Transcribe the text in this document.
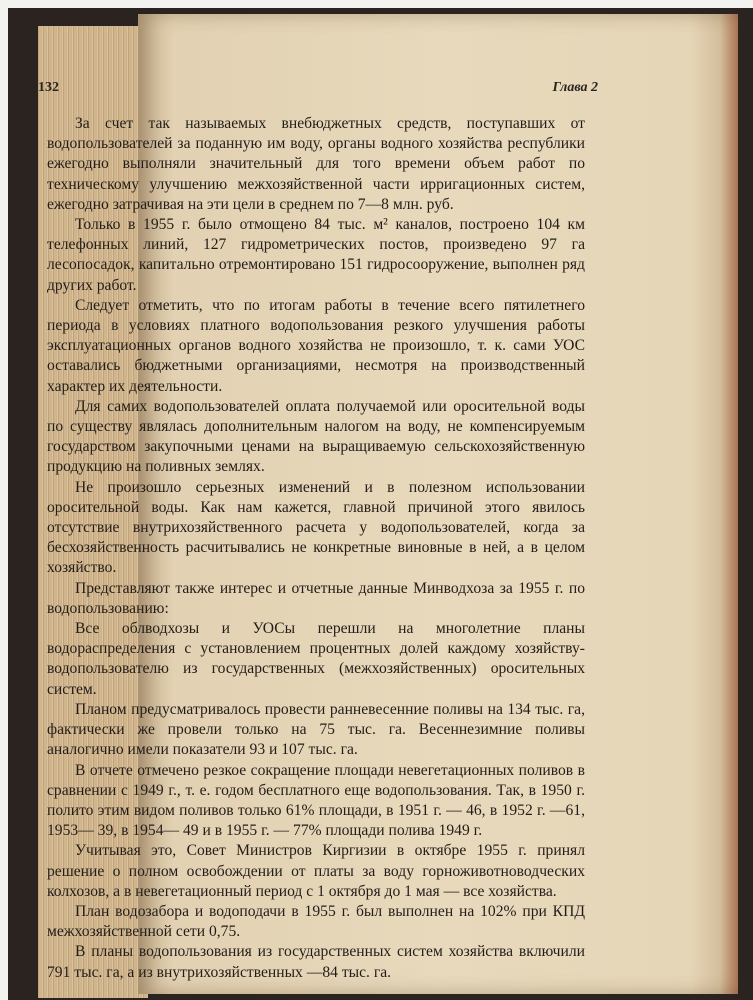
132	Глава 2

За счет так называемых внебюджетных средств, поступавших от водопользователей за поданную им воду, органы водного хозяйства республики ежегодно выполняли значительный для того времени объем работ по техническому улучшению межхозяйственной части ирригационных систем, ежегодно затрачивая на эти цели в среднем по 7—8 млн. руб.

Только в 1955 г. было отмощено 84 тыс. м² каналов, построено 104 км телефонных линий, 127 гидрометрических постов, произведено 97 га лесопосадок, капитально отремонтировано 151 гидросооружение, выполнен ряд других работ.

Следует отметить, что по итогам работы в течение всего пятилетнего периода в условиях платного водопользования резкого улучшения работы эксплуатационных органов водного хозяйства не произошло, т. к. сами УОС оставались бюджетными организациями, несмотря на производственный характер их деятельности.

Для самих водопользователей оплата получаемой или оросительной воды по существу являлась дополнительным налогом на воду, не компенсируемым государством закупочными ценами на выращиваемую сельскохозяйственную продукцию на поливных землях.

Не произошло серьезных изменений и в полезном использовании оросительной воды. Как нам кажется, главной причиной этого явилось отсутствие внутрихозяйственного расчета у водопользователей, когда за бесхозяйственность расчитывались не конкретные виновные в ней, а в целом хозяйство.

Представляют также интерес и отчетные данные Минводхоза за 1955 г. по водопользованию:

Все облводхозы и УОСы перешли на многолетние планы водораспределения с установлением процентных долей каждому хозяйству-водопользователю из государственных (межхозяйственных) оросительных систем.

Планом предусматривалось провести ранневесенние поливы на 134 тыс. га, фактически же провели только на 75 тыс. га. Весеннезимние поливы аналогично имели показатели 93 и 107 тыс. га.

В отчете отмечено резкое сокращение площади невегетационных поливов в сравнении с 1949 г., т. е. годом бесплатного еще водопользования. Так, в 1950 г. полито этим видом поливов только 61% площади, в 1951 г. — 46, в 1952 г. —61, 1953— 39, в 1954— 49 и в 1955 г. — 77% площади полива 1949 г.

Учитывая это, Совет Министров Киргизии в октябре 1955 г. принял решение о полном освобождении от платы за воду горноживотноводческих колхозов, а в невегетационный период с 1 октября до 1 мая — все хозяйства.

План водозабора и водоподачи в 1955 г. был выполнен на 102% при КПД межхозяйственной сети 0,75.

В планы водопользования из государственных систем хозяйства включили 791 тыс. га, а из внутрихозяйственных —84 тыс. га.
